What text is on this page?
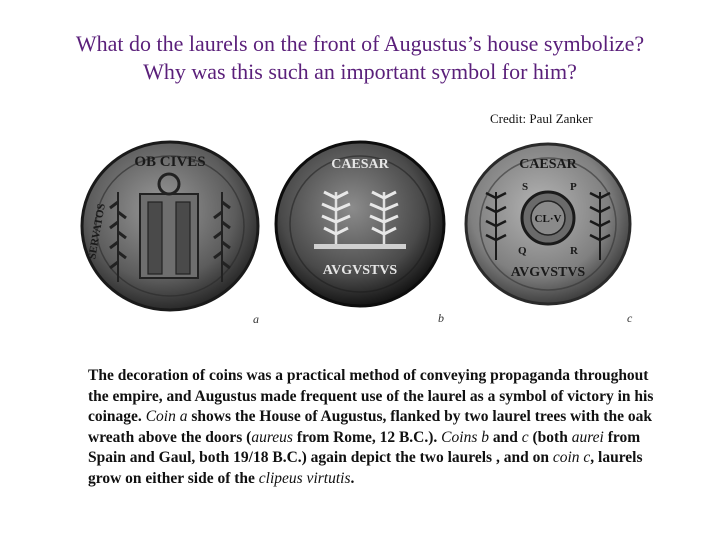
What do the laurels on the front of Augustus’s house symbolize?
Why was this such an important symbol for him?
Credit: Paul Zanker
OB CIVES
SERVATOS
a
CAESAR
AVGVSTVS
b
CL·V
CAESAR
S	P
Q	R
AVGVSTVS
c
The decoration of coins was a practical method of conveying propaganda throughout the empire, and Augustus made frequent use of the laurel as a symbol of victory in his coinage. Coin a shows the House of Augustus, flanked by two laurel trees with the oak wreath above the doors (aureus from Rome, 12 B.C.). Coins b and c (both aurei from Spain and Gaul, both 19/18 B.C.) again depict the two laurels , and on coin c, laurels grow on either side of the clipeus virtutis.
